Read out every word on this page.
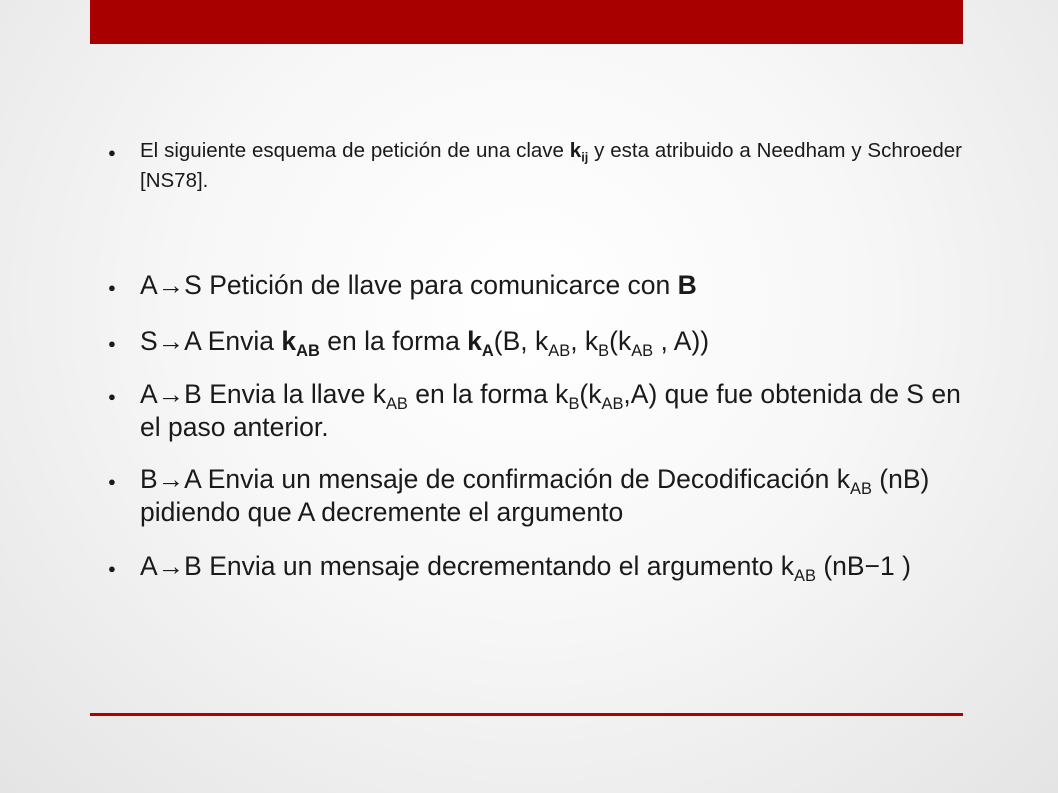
● El siguiente esquema de petición de una clave $k_{ij}$ y esta atribuido a Needham y Schroeder [NS78].
● A→S Petición de llave para comunicarce con B
● S→A Envia $k_{AB}$ en la forma $k_A(B$, $k_{AB}$, $k_B(k_{AB}$ , A))
● A→B Envia la llave $k_{AB}$ en la forma $k_B(k_{AB},A)$ que fue obtenida de S en el paso anterior.
● B→A Envia un mensaje de confirmación de Decodificación $k_{AB}$ (nB) pidiendo que A decremente el argumento
● A→B Envia un mensaje decrementando el argumento $k_{AB}$ (nB−1 )
